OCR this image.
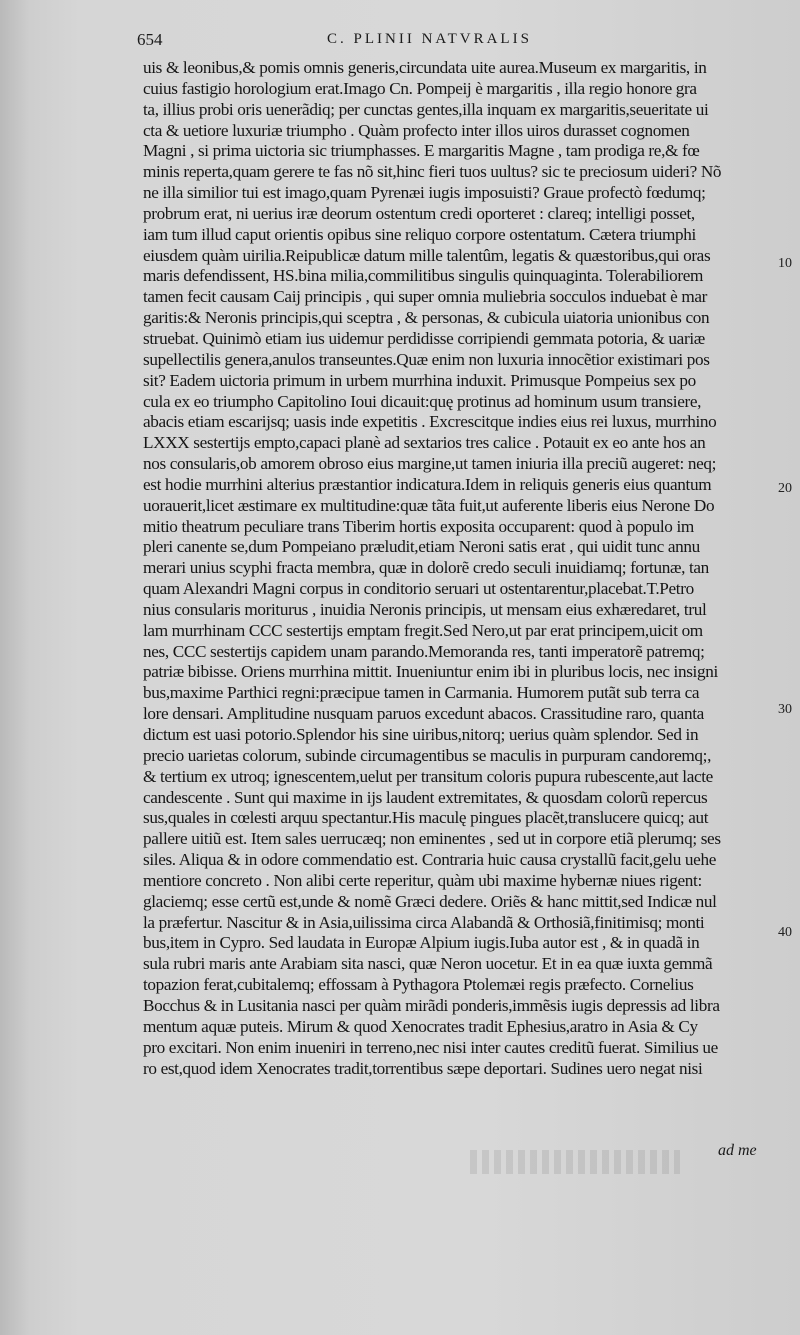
654	C. PLINII NATVRALIS
uis & leonibus,& pomis omnis generis,circundata uite aurea.Museum ex margaritis, in
cuius fastigio horologium erat.Imago Cn. Pompeij è margaritis , illa regio honore gra
ta, illius probi oris uenerãdiq; per cunctas gentes,illa inquam ex margaritis,seueritate ui
cta & uetiore luxuriæ triumpho . Quàm profecto inter illos uiros durasset cognomen
Magni , si prima uictoria sic triumphasses. E margaritis Magne , tam prodiga re,& fœ
minis reperta,quam gerere te fas nõ sit,hinc fieri tuos uultus? sic te preciosum uideri? Nõ
ne illa similior tui est imago,quam Pyrenæi iugis imposuisti? Graue profectò fœdumq;
probrum erat, ni uerius iræ deorum ostentum credi oporteret : clareq; intelligi posset,
iam tum illud caput orientis opibus sine reliquo corpore ostentatum. Cætera triumphi
eiusdem quàm uirilia.Reipublicæ datum mille talentûm, legatis & quæstoribus,qui oras
maris defendissent, HS.bina milia,commilitibus singulis quinquaginta. Tolerabiliorem
tamen fecit causam Caij principis , qui super omnia muliebria socculos induebat è mar
garitis:& Neronis principis,qui sceptra , & personas, & cubicula uiatoria unionibus con
struebat. Quinimò etiam ius uidemur perdidisse corripiendi gemmata potoria, & uariæ
supellectilis genera,anulos transeuntes.Quæ enim non luxuria innocẽtior existimari pos
sit? Eadem uictoria primum in urbem murrhina induxit. Primusque Pompeius sex po
cula ex eo triumpho Capitolino Ioui dicauit:quę protinus ad hominum usum transiere,
abacis etiam escarijsq; uasis inde expetitis . Excrescitque indies eius rei luxus, murrhino
LXXX sestertijs empto,capaci planè ad sextarios tres calice . Potauit ex eo ante hos an
nos consularis,ob amorem obroso eius margine,ut tamen iniuria illa preciũ augeret: neq;
est hodie murrhini alterius præstantior indicatura.Idem in reliquis generis eius quantum
uorauerit,licet æstimare ex multitudine:quæ tãta fuit,ut auferente liberis eius Nerone Do
mitio theatrum peculiare trans Tiberim hortis exposita occuparent: quod à populo im
pleri canente se,dum Pompeiano præludit,etiam Neroni satis erat , qui uidit tunc annu
merari unius scyphi fracta membra, quæ in dolorẽ credo seculi inuidiamq; fortunæ, tan
quam Alexandri Magni corpus in conditorio seruari ut ostentarentur,placebat.T.Petro
nius consularis moriturus , inuidia Neronis principis, ut mensam eius exhæredaret, trul
lam murrhinam CCC sestertijs emptam fregit.Sed Nero,ut par erat principem,uicit om
nes, CCC sestertijs capidem unam parando.Memoranda res, tanti imperatorẽ patremq;
patriæ bibisse. Oriens murrhina mittit. Inueniuntur enim ibi in pluribus locis, nec insigni
bus,maxime Parthici regni:præcipue tamen in Carmania. Humorem putãt sub terra ca
lore densari. Amplitudine nusquam paruos excedunt abacos. Crassitudine raro, quanta
dictum est uasi potorio.Splendor his sine uiribus,nitorq; uerius quàm splendor. Sed in
precio uarietas colorum, subinde circumagentibus se maculis in purpuram candoremq;,
& tertium ex utroq; ignescentem,uelut per transitum coloris pupura rubescente,aut lacte
candescente . Sunt qui maxime in ijs laudent extremitates, & quosdam colorũ repercus
sus,quales in cœlesti arquu spectantur.His maculę pingues placẽt,translucere quicq; aut
pallere uitiũ est. Item sales uerrucæq; non eminentes , sed ut in corpore etiã plerumq; ses
siles. Aliqua & in odore commendatio est. Contraria huic causa crystallũ facit,gelu uehe
mentiore concreto . Non alibi certe reperitur, quàm ubi maxime hybernæ niues rigent:
glaciemq; esse certũ est,unde & nomẽ Græci dedere. Oriẽs & hanc mittit,sed Indicæ nul
la præfertur. Nascitur & in Asia,uilissima circa Alabandã & Orthosiã,finitimisq; monti
bus,item in Cypro. Sed laudata in Europæ Alpium iugis.Iuba autor est , & in quadã in
sula rubri maris ante Arabiam sita nasci, quæ Neron uocetur. Et in ea quæ iuxta gemmã
topazion ferat,cubitalemq; effossam à Pythagora Ptolemæi regis præfecto. Cornelius
Bocchus & in Lusitania nasci per quàm mirãdi ponderis,immẽsis iugis depressis ad libra
mentum aquæ puteis. Mirum & quod Xenocrates tradit Ephesius,aratro in Asia & Cy
pro excitari. Non enim inueniri in terreno,nec nisi inter cautes creditũ fuerat. Similius ue
ro est,quod idem Xenocrates tradit,torrentibus sæpe deportari. Sudines uero negat nisi
10
20
30
40
ad me
